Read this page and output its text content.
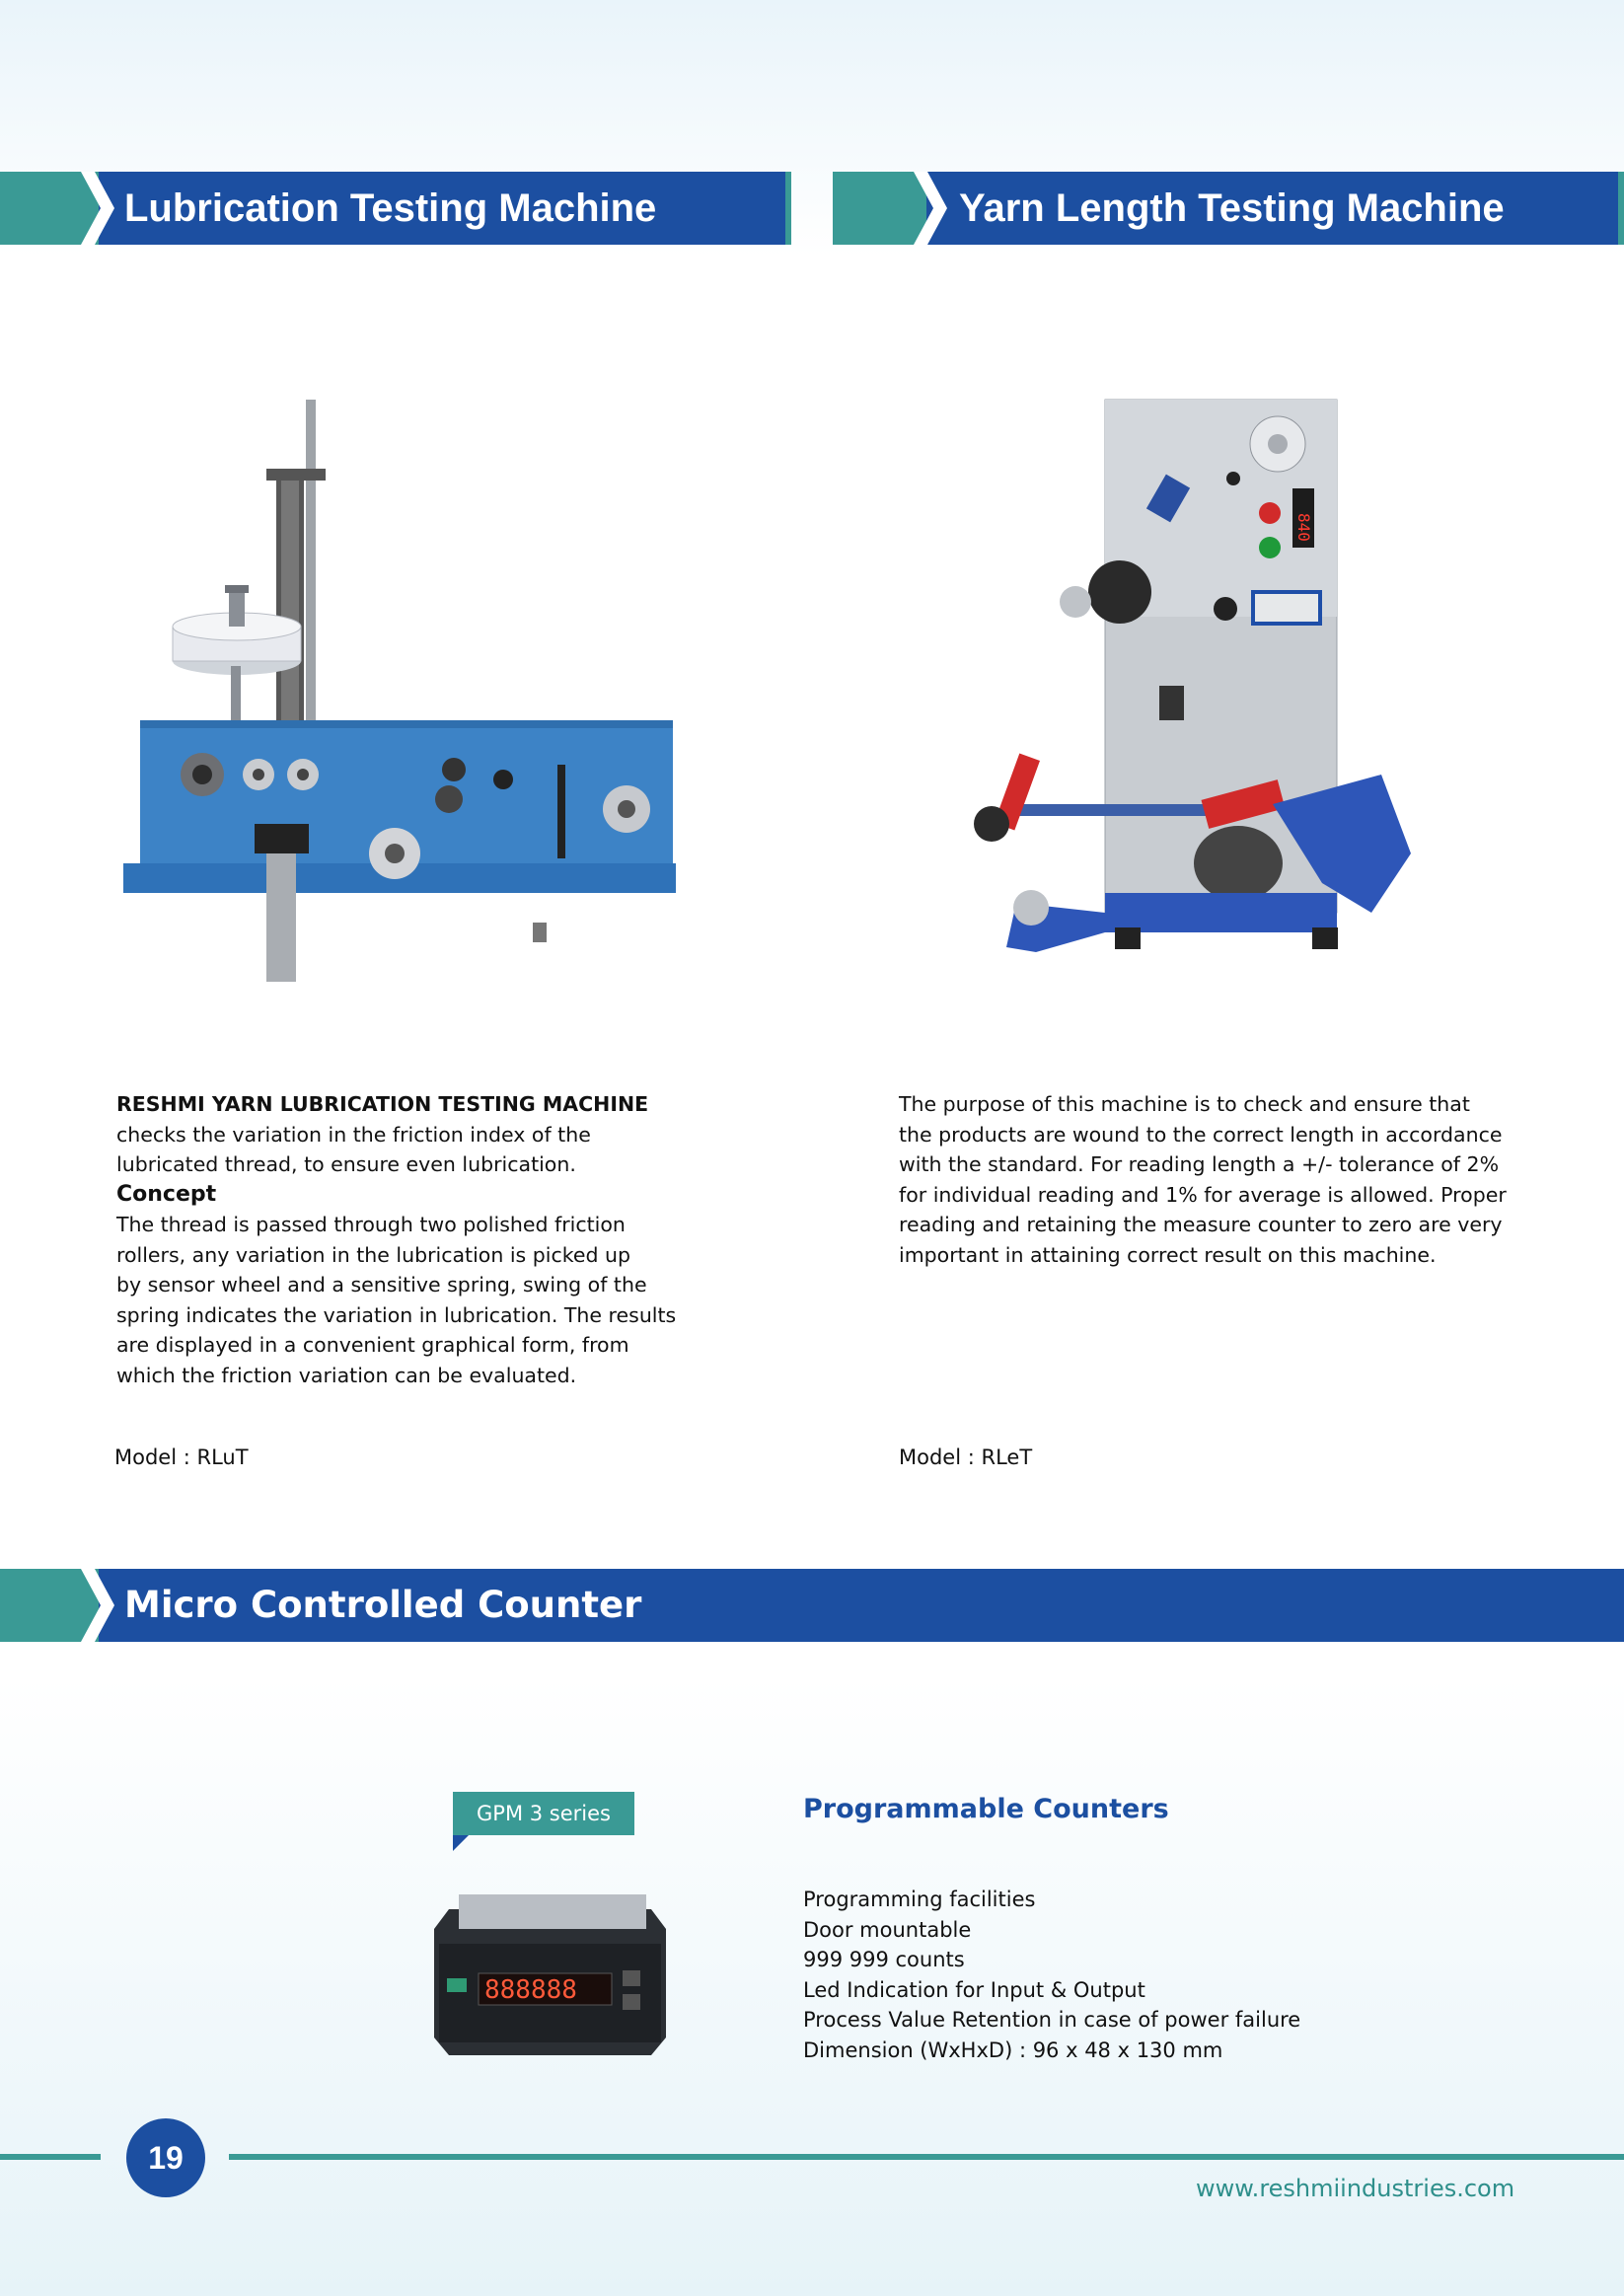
Lubrication Testing Machine	Yarn Length Testing Machine
840

RESHMI YARN LUBRICATION TESTING MACHINE

checks the variation in the friction index of the

lubricated thread, to ensure even lubrication.

Concept

The thread is passed through two polished friction

rollers, any variation in the lubrication is picked up

by sensor wheel and a sensitive spring, swing of the

spring indicates the variation in lubrication. The results

are displayed in a convenient graphical form, from

which the friction variation can be evaluated.

Model : RLuT

The purpose of this machine is to check and ensure that

the products are wound to the correct length in accordance

with the standard. For reading length a +/- tolerance of 2%

for individual reading and 1% for average is allowed. Proper

reading and retaining the measure counter to zero are very

important in attaining correct result on this machine.

Model : RLeT
Micro Controlled Counter
GPM 3 series
888888
Programmable Counters
Programming facilities
Door mountable
999 999 counts
Led Indication for Input & Output
Process Value Retention in case of power failure
Dimension (WxHxD) : 96 x 48 x 130 mm
19
www.reshmiindustries.com
